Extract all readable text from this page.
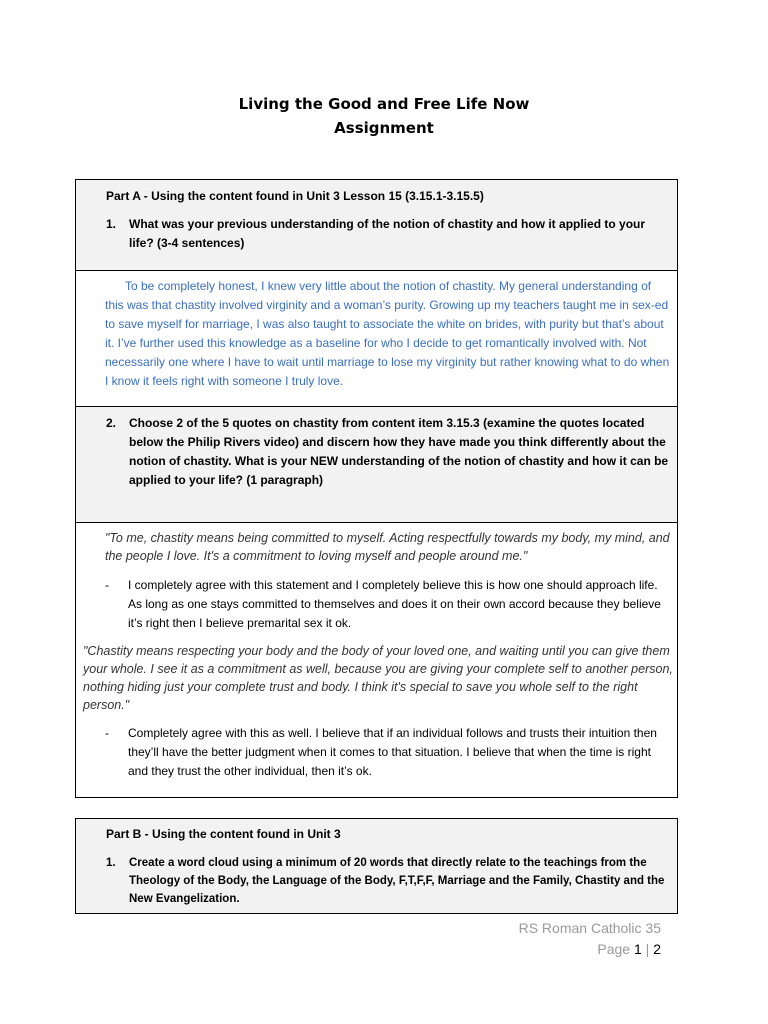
Living the Good and Free Life Now
Assignment
Part A - Using the content found in Unit 3 Lesson 15 (3.15.1-3.15.5)
1. What was your previous understanding of the notion of chastity and how it applied to your life? (3-4 sentences)
To be completely honest, I knew very little about the notion of chastity. My general understanding of this was that chastity involved virginity and a woman’s purity. Growing up my teachers taught me in sex-ed to save myself for marriage, I was also taught to associate the white on brides, with purity but that’s about it. I’ve further used this knowledge as a baseline for who I decide to get romantically involved with. Not necessarily one where I have to wait until marriage to lose my virginity but rather knowing what to do when I know it feels right with someone I truly love.
2. Choose 2 of the 5 quotes on chastity from content item 3.15.3 (examine the quotes located below the Philip Rivers video) and discern how they have made you think differently about the notion of chastity. What is your NEW understanding of the notion of chastity and how it can be applied to your life? (1 paragraph)
"To me, chastity means being committed to myself. Acting respectfully towards my body, my mind, and the people I love. It's a commitment to loving myself and people around me."
- I completely agree with this statement and I completely believe this is how one should approach life. As long as one stays committed to themselves and does it on their own accord because they believe it’s right then I believe premarital sex it ok.
"Chastity means respecting your body and the body of your loved one, and waiting until you can give them your whole. I see it as a commitment as well, because you are giving your complete self to another person, nothing hiding just your complete trust and body. I think it's special to save you whole self to the right person."
- Completely agree with this as well. I believe that if an individual follows and trusts their intuition then they’ll have the better judgment when it comes to that situation. I believe that when the time is right and they trust the other individual, then it’s ok.
Part B - Using the content found in Unit 3
1. Create a word cloud using a minimum of 20 words that directly relate to the teachings from the Theology of the Body, the Language of the Body, F,T,F,F, Marriage and the Family, Chastity and the New Evangelization.
RS Roman Catholic 35
Page 1 | 2
